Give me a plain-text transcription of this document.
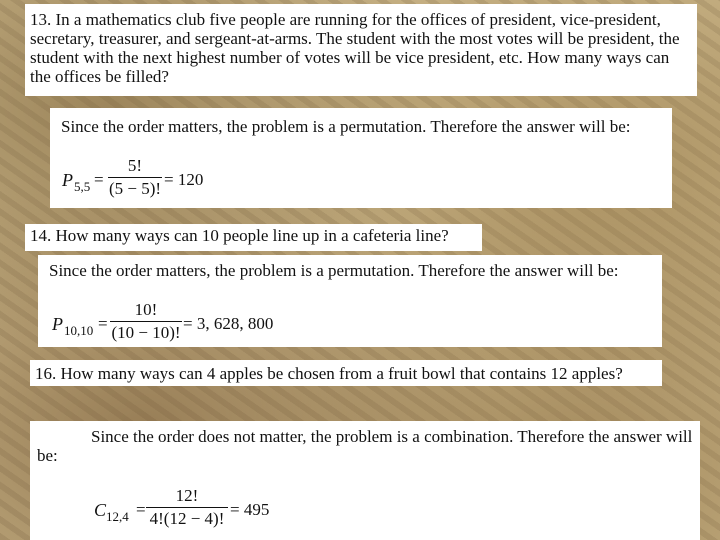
13. In a mathematics club five people are running for the offices of president, vice-president, secretary, treasurer, and sergeant-at-arms. The student with the most votes will be president, the student with the next highest number of votes will be vice president, etc. How many ways can the offices be filled?
Since the order matters, the problem is a permutation. Therefore the answer will be:
P 5,5 =
5!
(5 − 5)! = 120
14. How many ways can 10 people line up in a cafeteria line?
Since the order matters, the problem is a permutation. Therefore the answer will be:
P 10,10 =
10!
(10 − 10)! = 3, 628, 800
16. How many ways can 4 apples be chosen from a fruit bowl that contains 12 apples?
Since the order does not matter, the problem is a combination. Therefore the answer will be:
C 12,4 =
12!
4!(12 − 4)! = 495
